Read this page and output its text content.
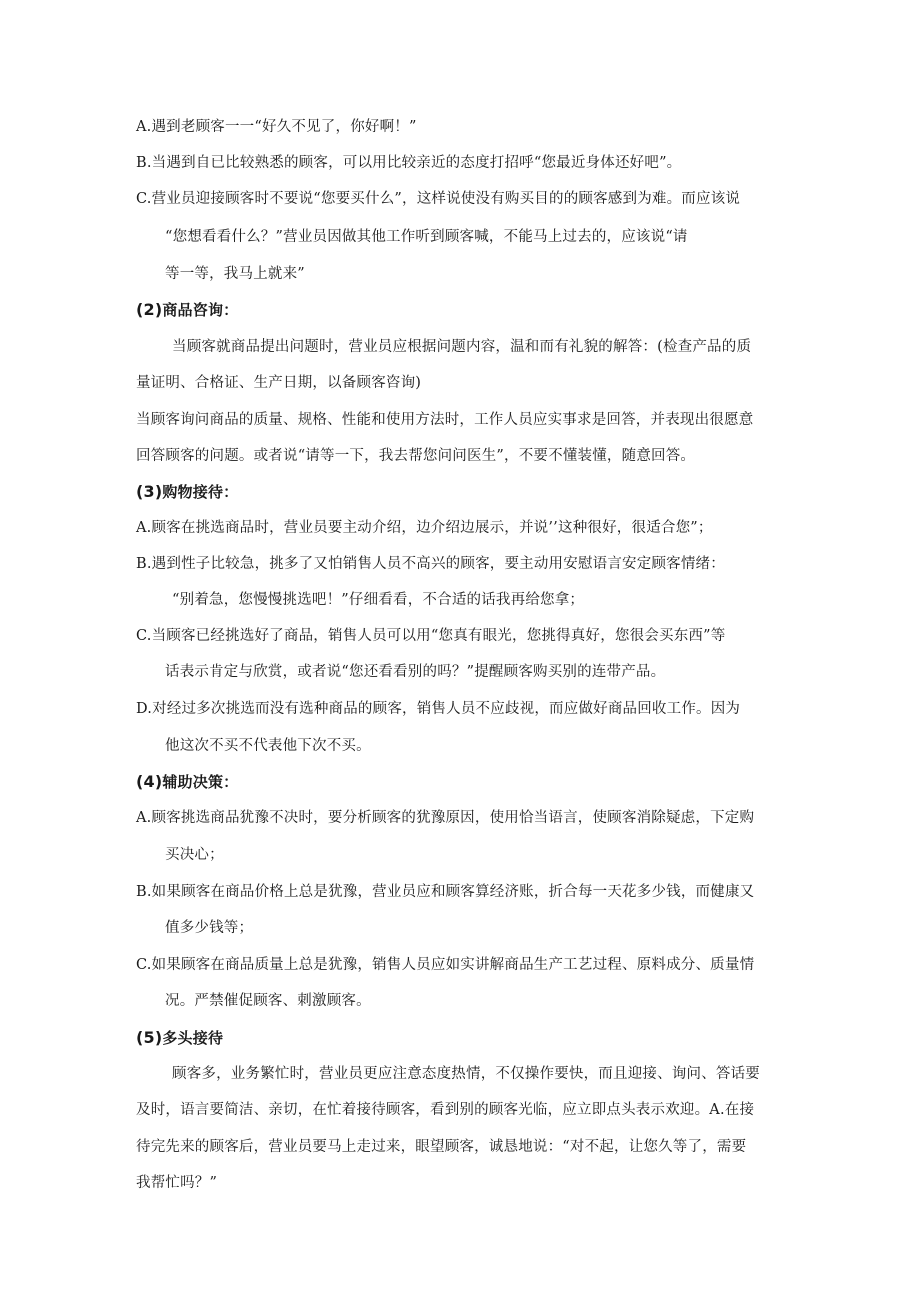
A.遇到老顾客一一“好久不见了，你好啊！”
B.当遇到自已比较熟悉的顾客，可以用比较亲近的态度打招呼“您最近身体还好吧”。
C.营业员迎接顾客时不要说“您要买什么”，这样说使没有购买目的的顾客感到为难。而应该说
“您想看看什么？”营业员因做其他工作听到顾客喊，不能马上过去的，应该说“请
等一等，我马上就来”
(2)商品咨询：
当顾客就商品提出问题时，营业员应根据问题内容，温和而有礼貌的解答：(检查产品的质
量证明、合格证、生产日期，以备顾客咨询)
当顾客询问商品的质量、规格、性能和使用方法时，工作人员应实事求是回答，并表现出很愿意
回答顾客的问题。或者说“请等一下，我去帮您问问医生”，不要不懂装懂，随意回答。
(3)购物接待：
A.顾客在挑选商品时，营业员要主动介绍，边介绍边展示，并说’’这种很好，很适合您”；
B.遇到性子比较急，挑多了又怕销售人员不高兴的顾客，要主动用安慰语言安定顾客情绪：
“别着急，您慢慢挑选吧！”仔细看看，不合适的话我再给您拿；
C.当顾客已经挑选好了商品，销售人员可以用“您真有眼光，您挑得真好，您很会买东西”等
话表示肯定与欣赏，或者说“您还看看别的吗？”提醒顾客购买别的连带产品。
D.对经过多次挑选而没有选种商品的顾客，销售人员不应歧视，而应做好商品回收工作。因为
他这次不买不代表他下次不买。
(4)辅助决策：
A.顾客挑选商品犹豫不决时，要分析顾客的犹豫原因，使用恰当语言，使顾客消除疑虑，下定购
买决心；
B.如果顾客在商品价格上总是犹豫，营业员应和顾客算经济账，折合每一天花多少钱，而健康又
值多少钱等；
C.如果顾客在商品质量上总是犹豫，销售人员应如实讲解商品生产工艺过程、原料成分、质量情
况。严禁催促顾客、刺激顾客。
(5)多头接待
顾客多，业务繁忙时，营业员更应注意态度热情，不仅操作要快，而且迎接、询问、答话要
及时，语言要简洁、亲切，在忙着接待顾客，看到别的顾客光临，应立即点头表示欢迎。A.在接
待完先来的顾客后，营业员要马上走过来，眼望顾客，诚恳地说：“对不起，让您久等了，需要
我帮忙吗？”
